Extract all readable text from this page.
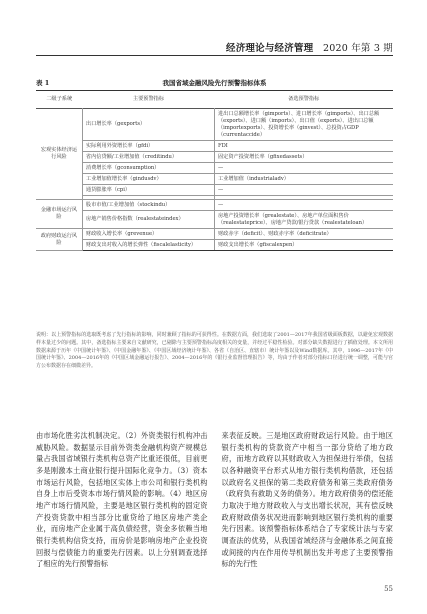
经济理论与经济管理 2020 年第 3 期
表 1	我国省域金融风险先行预警指标体系
二级子系统	主要预警指标	备选预警指标
宏观实体经济运行风险	出口增长率（gexports）	进出口总额增长率（gimports）、进口增长率（gimports）、出口总额（exports）、进口额（imports）、出口值（exports）、进出口总额（importexports）、投资增长率（ginvest）、总投资占GDP（currentaccide）
	实际利用外资增长率（gfdi）	FDI
	省内信贷额/工业增加值（creditindu）	固定资产投资增长率（gfixedassets）
	消费增长率（gconsumption）	—
	工业增加值增长率（gindusdv）	工业增加值（industrialadv）
	通货膨胀率（cpi）	—

金融市场运行风险	股市市值/工业增加值（stockindu）	—
	房地产销售价格指数（realestateindex）	房地产投资增长率（grealestate）、房地产单位面积售价（realestateprice）、房地产贷款/银行贷款（realestateloan）
政府财政运行风险	财政收入增长率（grevenue）	财政赤字（deficit）、财政赤字率（deficitrate）
	财政支出对收入的增长弹性（fiscalelasticity）	财政支出增长率（gfiscalexpen）
说明：以上预警指标的选取既考虑了先行指标的影响，同时兼顾了指标的可获得性。在数据方面，我们选取了2001—2017年我国省级面板数据，以避免宏观数据样本量过少的问题。其中，备选指标主要来自文献研究，已剔除与主要预警指标高度相关的变量，并经过平稳性检验。对部分缺失数据进行了插值处理。本文所用数据来源于历年《中国统计年鉴》、《中国金融年鉴》、《中国区域经济统计年鉴》、各省（自治区、直辖市）统计年鉴以及Wind数据库。其中，1996—2017年《中国统计年鉴》、2004—2016年的《中国区域金融运行报告》、2004—2016年的《银行业监督管理报告》等，均由于作者对部分指标口径进行统一调整，可能与官方公布数据存在细微差异。
由市场化胜劣汰机制决定。（2）外资类银行机构冲击威胁风险。数据显示目前外资类金融机构资产规模总量占我国省域银行类机构总资产比重还很低，目前更多是刚激本土商业银行提升国际化竞争力。（3）资本市场运行风险，包括地区实体上市公司和银行类机构自身上市后受资本市场行情风险的影响。（4）地区房地产市场行情风险，主要是地区银行类机构的固定资产投资贷款中相当部分比重贷给了地区房地产类企业，而房地产企业属于高负债经营，资金多依赖当地银行类机构信贷支持，而房价是影响房地产企业投资回报与偿债能力的重要先行因素。以上分别调查选择了相应的先行预警指标
来表征反映。三是地区政府财政运行风险。由于地区银行类机构的贷款资产中相当一部分贷给了地方政府，而地方政府以其财政收入为担保进行举债，包括以各种融资平台形式从地方银行类机构借款，还包括以政府名义担保的第二类政府债务和第三类政府债务（政府负有救助义务的债务）。地方政府债务的偿还能力取决于地方财政收入与支出增长状况，其有偿反映政府财政债务状况进而影响到地区银行类机构的重要先行因素。该预警指标体系结合了专家统计法与专家调查法的优势，从我国省域经济与金融体系之间直接或间接的内在作用传导机制出发并考虑了主要预警指标的先行性
55
